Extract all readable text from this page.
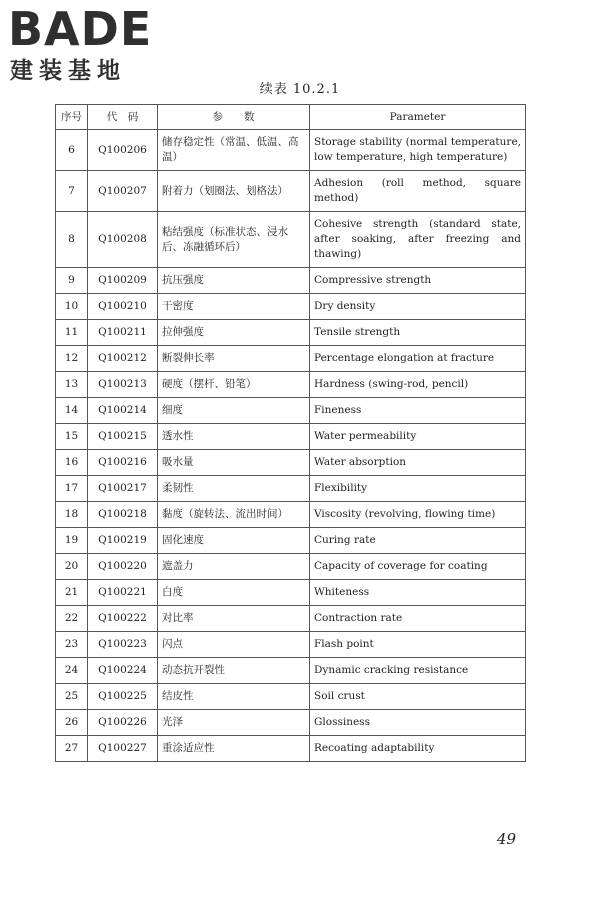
BADE
建装基地
续表 10.2.1
序号	代　码	参　　数	Parameter
6	Q100206	储存稳定性（常温、低温、高温）	Storage stability (normal temperature, low temperature, high temperature)
7	Q100207	附着力（划圈法、划格法）	Adhesion (roll method, square method)
8	Q100208	粘结强度（标准状态、浸水后、冻融循环后）	Cohesive strength (standard state, after soaking, after freezing and thawing)
9	Q100209	抗压强度	Compressive strength
10	Q100210	干密度	Dry density
11	Q100211	拉伸强度	Tensile strength
12	Q100212	断裂伸长率	Percentage elongation at fracture
13	Q100213	硬度（摆杆、铅笔）	Hardness (swing-rod, pencil)
14	Q100214	细度	Fineness
15	Q100215	透水性	Water permeability
16	Q100216	吸水量	Water absorption
17	Q100217	柔韧性	Flexibility
18	Q100218	黏度（旋转法、流出时间）	Viscosity (revolving, flowing time)
19	Q100219	固化速度	Curing rate
20	Q100220	遮盖力	Capacity of coverage for coating
21	Q100221	白度	Whiteness
22	Q100222	对比率	Contraction rate
23	Q100223	闪点	Flash point
24	Q100224	动态抗开裂性	Dynamic cracking resistance
25	Q100225	结皮性	Soil crust
26	Q100226	光泽	Glossiness
27	Q100227	重涂适应性	Recoating adaptability
49
